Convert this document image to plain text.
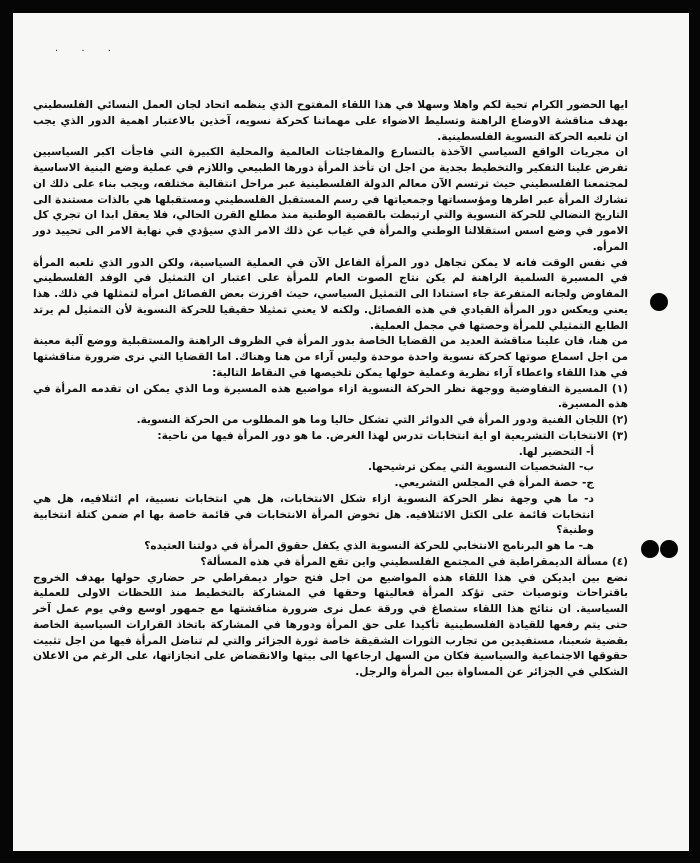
. . .

ايها الحضور الكرام تحية لكم واهلا وسهلا في هذا اللقاء المفتوح الذي ينظمه اتحاد لجان العمل النسائي الفلسطيني بهدف مناقشة الاوضاع الراهنة وتسليط الاضواء على مهماتنا كحركة نسويه، آخذين بالاعتبار اهمية الدور الذي يجب ان تلعبه الحركة النسوية الفلسطينية.

ان مجريات الواقع السياسي الآخذة بالتسارع والمفاجئات العالمية والمحلية الكبيرة التي فاجأت اكبر السياسيين تفرض علينا التفكير والتخطيط بجدية من اجل ان تأخذ المرأة دورها الطبيعي واللازم في عملية وضع البنية الاساسية لمجتمعنا الفلسطيني حيث ترتسم الآن معالم الدولة الفلسطينية عبر مراحل انتقالية مختلفه، ويجب بناء على ذلك ان تشارك المرأة عبر اطرها ومؤسساتها وجمعياتها في رسم المستقبل الفلسطيني ومستقبلها هي بالذات مستندة الى التاريخ النضالي للحركة النسوية والتي ارتبطت بالقضية الوطنية منذ مطلع القرن الحالي، فلا يعقل ابدا ان تجري كل الامور في وضع اسس استقلالنا الوطني والمرأة في غياب عن ذلك الامر الذي سيؤدي في نهاية الامر الى تحييد دور المرأه.

في نفس الوقت فانه لا يمكن تجاهل دور المرأة الفاعل الآن في العملية السياسية، ولكن الدور الذي تلعبه المرأة في المسيرة السلمية الراهنة لم يكن نتاج الصوت العام للمرأة على اعتبار ان التمثيل في الوفد الفلسطيني المفاوض ولجانه المتفرعة جاء استنادا الى التمثيل السياسي، حيث افرزت بعض الفصائل امرأه لتمثلها في ذلك. هذا يعني ويعكس دور المرأة القيادي في هذه الفصائل. ولكنه لا يعني تمثيلا حقيقيا للحركة النسوية لأن التمثيل لم يرتد الطابع التمثيلي للمرأة وحصتها في مجمل العملية.

من هنا، فان علينا مناقشة العديد من القضايا الخاصة بدور المرأة في الظروف الراهنة والمستقبلية ووضع آلية معينة من اجل اسماع صوتها كحركة نسوية واحدة موحدة وليس آراء من هنا وهناك. اما القضايا التي نرى ضرورة مناقشتها في هذا اللقاء واعطاء آراء نظرية وعملية حولها يمكن تلخيصها في النقاط التالية:

(١) المسيرة التفاوضية ووجهة نظر الحركة النسوية ازاء مواضيع هذه المسيرة وما الذي يمكن ان تقدمه المرأة في هذه المسيرة.
(٢) اللجان الفنية ودور المرأة في الدوائر التي تشكل حاليا وما هو المطلوب من الحركة النسوية.
(٣) الانتخابات التشريعية او اية انتخابات تدرس لهذا الغرض. ما هو دور المرأة فيها من ناحية:

أ- التحضير لها.

ب- الشخصيات النسوية التي يمكن ترشيحها.

ج- حصة المرأة في المجلس التشريعي.

د- ما هي وجهة نظر الحركة النسوية ازاء شكل الانتخابات، هل هي انتخابات نسبية، ام ائتلافيه، هل هي انتخابات قائمة على الكتل الائتلافيه. هل تخوض المرأة الانتخابات في قائمة خاصة بها ام ضمن كتلة انتخابية وطنية؟

هـ- ما هو البرنامج الانتخابي للحركة النسوية الذي يكفل حقوق المرأة في دولتنا العتيده؟

(٤) مسألة الديمقراطية في المجتمع الفلسطيني واين تقع المرأة في هذه المسألة؟

نضع بين ايديكن في هذا اللقاء هذه المواضيع من اجل فتح حوار ديمقراطي حر حضاري حولها بهدف الخروج باقتراحات وتوصيات حتى تؤكد المرأة فعاليتها وحقها في المشاركة بالتخطيط منذ اللحظات الاولى للعملية السياسية. ان نتائج هذا اللقاء ستصاغ في ورقة عمل نرى ضرورة مناقشتها مع جمهور اوسع وفي يوم عمل آخر حتى يتم رفعها للقيادة الفلسطينية تأكيدا على حق المرأة ودورها في المشاركة باتخاذ القرارات السياسية الخاصة بقضية شعبنا، مستفيدين من تجارب الثورات الشقيقة خاصة ثورة الجزائر والتي لم تناضل المرأة فيها من اجل تثبيت حقوقها الاجتماعية والسياسية فكان من السهل ارجاعها الى بيتها والانقضاض على انجازاتها، على الرغم من الاعلان الشكلي في الجزائر عن المساواة بين المرأة والرجل.
